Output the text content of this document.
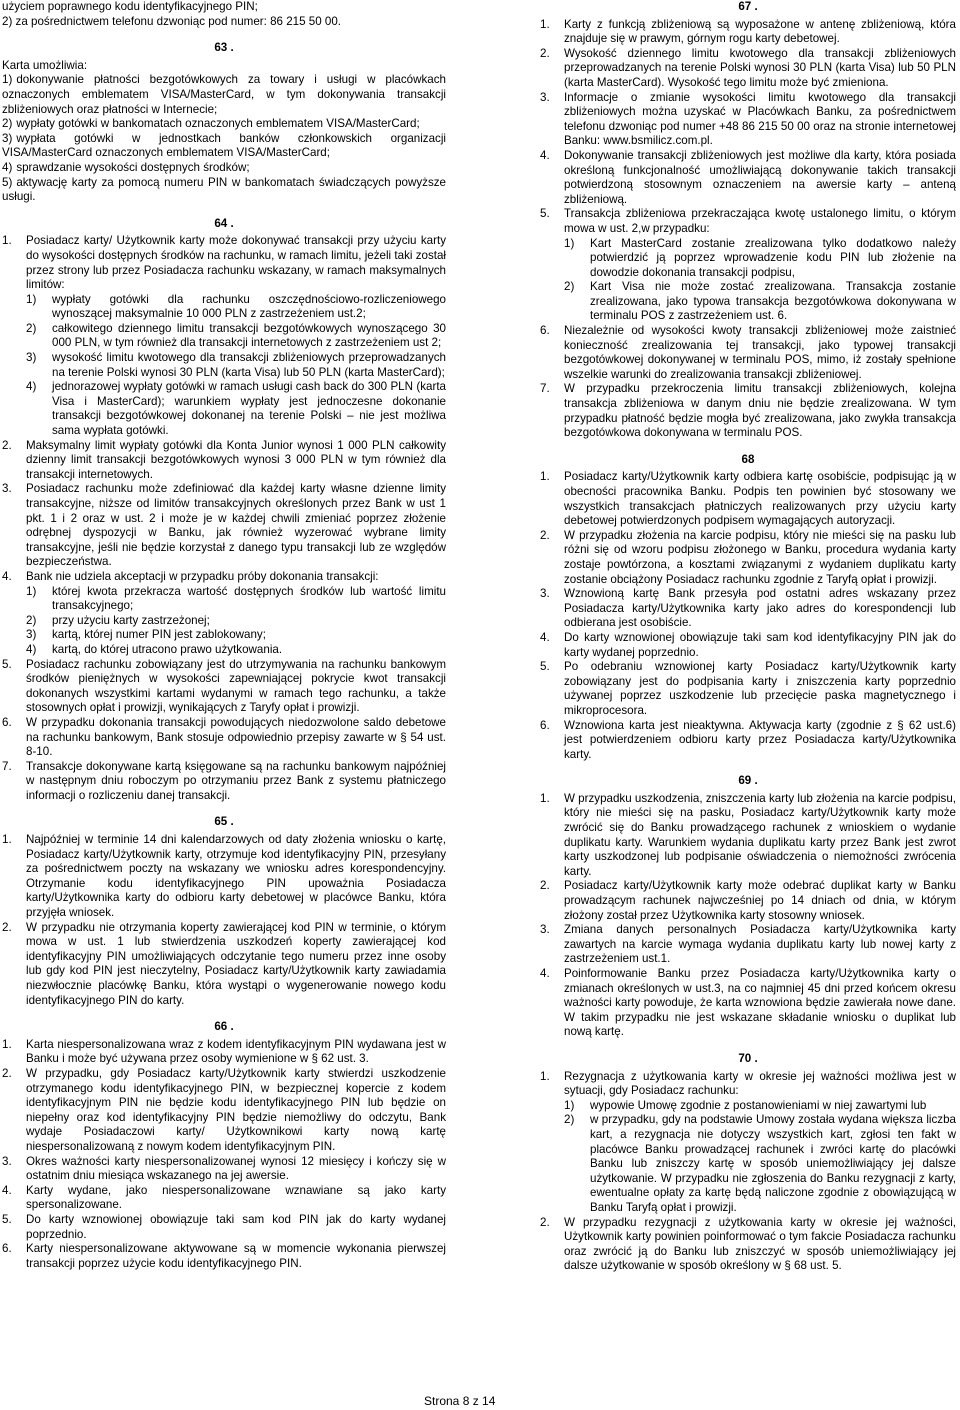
użyciem poprawnego kodu identyfikacyjnego PIN;

2) za pośrednictwem telefonu dzwoniąc pod numer: 86 215 50 00.

63 .

Karta umożliwia:

1) dokonywanie płatności bezgotówkowych za towary i usługi w placówkach oznaczonych emblematem VISA/MasterCard, w tym dokonywania transakcji zbliżeniowych oraz płatności w Internecie;
2) wypłaty gotówki w bankomatach oznaczonych emblematem VISA/MasterCard;
3) wypłata gotówki w jednostkach banków członkowskich organizacji VISA/MasterCard oznaczonych emblematem VISA/MasterCard;
4) sprawdzanie wysokości dostępnych środków;
5) aktywację karty za pomocą numeru PIN w bankomatach świadczących powyższe usługi.

64 .

1. Posiadacz karty/ Użytkownik karty może dokonywać transakcji przy użyciu karty do wysokości dostępnych środków na rachunku, w ramach limitu, jeżeli taki został przez strony lub przez Posiadacza rachunku wskazany, w ramach maksymalnych limitów:
1) wypłaty gotówki dla rachunku oszczędnościowo-rozliczeniowego wynoszącej maksymalnie 10 000 PLN z zastrzeżeniem ust.2;
2) całkowitego dziennego limitu transakcji bezgotówkowych wynoszącego 30 000 PLN, w tym również dla transakcji internetowych z zastrzeżeniem ust 2;
3) wysokość limitu kwotowego dla transakcji zbliżeniowych przeprowadzanych na terenie Polski wynosi 30 PLN (karta Visa) lub 50 PLN (karta MasterCard);
4) jednorazowej wypłaty gotówki w ramach usługi cash back do 300 PLN (karta Visa i MasterCard); warunkiem wypłaty jest jednoczesne dokonanie transakcji bezgotówkowej dokonanej na terenie Polski – nie jest możliwa sama wypłata gotówki.
2. Maksymalny limit wypłaty gotówki dla Konta Junior wynosi 1 000 PLN całkowity dzienny limit transakcji bezgotówkowych wynosi 3 000 PLN w tym również dla transakcji internetowych.
3. Posiadacz rachunku może zdefiniować dla każdej karty własne dzienne limity transakcyjne, niższe od limitów transakcyjnych określonych przez Bank w ust 1 pkt. 1 i 2 oraz w ust. 2 i może je w każdej chwili zmieniać poprzez złożenie odrębnej dyspozycji w Banku, jak również wyzerować wybrane limity transakcyjne, jeśli nie będzie korzystał z danego typu transakcji lub ze względów bezpieczeństwa.
4. Bank nie udziela akceptacji w przypadku próby dokonania transakcji:
1) której kwota przekracza wartość dostępnych środków lub wartość limitu transakcyjnego;
2) przy użyciu karty zastrzeżonej;
3) kartą, której numer PIN jest zablokowany;
4) kartą, do której utracono prawo użytkowania.
5. Posiadacz rachunku zobowiązany jest do utrzymywania na rachunku bankowym środków pieniężnych w wysokości zapewniającej pokrycie kwot transakcji dokonanych wszystkimi kartami wydanymi w ramach tego rachunku, a także stosownych opłat i prowizji, wynikających z Taryfy opłat i prowizji.
6. W przypadku dokonania transakcji powodujących niedozwolone saldo debetowe na rachunku bankowym, Bank stosuje odpowiednio przepisy zawarte w § 54 ust. 8-10.
7. Transakcje dokonywane kartą księgowane są na rachunku bankowym najpóźniej w następnym dniu roboczym po otrzymaniu przez Bank z systemu płatniczego informacji o rozliczeniu danej transakcji.

65 .

1. Najpóźniej w terminie 14 dni kalendarzowych od daty złożenia wniosku o kartę, Posiadacz karty/Użytkownik karty, otrzymuje kod identyfikacyjny PIN, przesyłany za pośrednictwem poczty na wskazany we wniosku adres korespondencyjny. Otrzymanie kodu identyfikacyjnego PIN upoważnia Posiadacza karty/Użytkownika karty do odbioru karty debetowej w placówce Banku, która przyjęła wniosek.
2. W przypadku nie otrzymania koperty zawierającej kod PIN w terminie, o którym mowa w ust. 1 lub stwierdzenia uszkodzeń koperty zawierającej kod identyfikacyjny PIN umożliwiających odczytanie tego numeru przez inne osoby lub gdy kod PIN jest nieczytelny, Posiadacz karty/Użytkownik karty zawiadamia niezwłocznie placówkę Banku, która wystąpi o wygenerowanie nowego kodu identyfikacyjnego PIN do karty.

66 .

1. Karta niespersonalizowana wraz z kodem identyfikacyjnym PIN wydawana jest w Banku i może być używana przez osoby wymienione w § 62 ust. 3.
2. W przypadku, gdy Posiadacz karty/Użytkownik karty stwierdzi uszkodzenie otrzymanego kodu identyfikacyjnego PIN, w bezpiecznej kopercie z kodem identyfikacyjnym PIN nie będzie kodu identyfikacyjnego PIN lub będzie on niepełny oraz kod identyfikacyjny PIN będzie niemożliwy do odczytu, Bank wydaje Posiadaczowi karty/ Użytkownikowi karty nową kartę niespersonalizowaną z nowym kodem identyfikacyjnym PIN.
3. Okres ważności karty niespersonalizowanej wynosi 12 miesięcy i kończy się w ostatnim dniu miesiąca wskazanego na jej awersie.
4. Karty wydane, jako niespersonalizowane wznawiane są jako karty spersonalizowane.
5. Do karty wznowionej obowiązuje taki sam kod PIN jak do karty wydanej poprzednio.
6. Karty niespersonalizowane aktywowane są w momencie wykonania pierwszej transakcji poprzez użycie kodu identyfikacyjnego PIN.

67 .

1. Karty z funkcją zbliżeniową są wyposażone w antenę zbliżeniową, która znajduje się w prawym, górnym rogu karty debetowej.
2. Wysokość dziennego limitu kwotowego dla transakcji zbliżeniowych przeprowadzanych na terenie Polski wynosi 30 PLN (karta Visa) lub 50 PLN (karta MasterCard). Wysokość tego limitu może być zmieniona.
3. Informacje o zmianie wysokości limitu kwotowego dla transakcji zbliżeniowych można uzyskać w Placówkach Banku, za pośrednictwem telefonu dzwoniąc pod numer +48 86 215 50 00 oraz na stronie internetowej Banku: www.bsmilicz.com.pl.
4. Dokonywanie transakcji zbliżeniowych jest możliwe dla karty, która posiada określoną funkcjonalność umożliwiającą dokonywanie takich transakcji potwierdzoną stosownym oznaczeniem na awersie karty – anteną zbliżeniową.
5. Transakcja zbliżeniowa przekraczająca kwotę ustalonego limitu, o którym mowa w ust. 2,w przypadku:
1) Kart MasterCard zostanie zrealizowana tylko dodatkowo należy potwierdzić ją poprzez wprowadzenie kodu PIN lub złożenie na dowodzie dokonania transakcji podpisu,
2) Kart Visa nie może zostać zrealizowana. Transakcja zostanie zrealizowana, jako typowa transakcja bezgotówkowa dokonywana w terminalu POS z zastrzeżeniem ust. 6.
6. Niezależnie od wysokości kwoty transakcji zbliżeniowej może zaistnieć konieczność zrealizowania tej transakcji, jako typowej transakcji bezgotówkowej dokonywanej w terminalu POS, mimo, iż zostały spełnione wszelkie warunki do zrealizowania transakcji zbliżeniowej.
7. W przypadku przekroczenia limitu transakcji zbliżeniowych, kolejna transakcja zbliżeniowa w danym dniu nie będzie zrealizowana. W tym przypadku płatność będzie mogła być zrealizowana, jako zwykła transakcja bezgotówkowa dokonywana w terminalu POS.

68

1. Posiadacz karty/Użytkownik karty odbiera kartę osobiście, podpisując ją w obecności pracownika Banku. Podpis ten powinien być stosowany we wszystkich transakcjach płatniczych realizowanych przy użyciu karty debetowej potwierdzonych podpisem wymagających autoryzacji.
2. W przypadku złożenia na karcie podpisu, który nie mieści się na pasku lub różni się od wzoru podpisu złożonego w Banku, procedura wydania karty zostaje powtórzona, a kosztami związanymi z wydaniem duplikatu karty zostanie obciążony Posiadacz rachunku zgodnie z Taryfą opłat i prowizji.
3. Wznowioną kartę Bank przesyła pod ostatni adres wskazany przez Posiadacza karty/Użytkownika karty jako adres do korespondencji lub odbierana jest osobiście.
4. Do karty wznowionej obowiązuje taki sam kod identyfikacyjny PIN jak do karty wydanej poprzednio.
5. Po odebraniu wznowionej karty Posiadacz karty/Użytkownik karty zobowiązany jest do podpisania karty i zniszczenia karty poprzednio używanej poprzez uszkodzenie lub przecięcie paska magnetycznego i mikroprocesora.
6. Wznowiona karta jest nieaktywna. Aktywacja karty (zgodnie z § 62 ust.6) jest potwierdzeniem odbioru karty przez Posiadacza karty/Użytkownika karty.

69 .

1. W przypadku uszkodzenia, zniszczenia karty lub złożenia na karcie podpisu, który nie mieści się na pasku, Posiadacz karty/Użytkownik karty może zwrócić się do Banku prowadzącego rachunek z wnioskiem o wydanie duplikatu karty. Warunkiem wydania duplikatu karty przez Bank jest zwrot karty uszkodzonej lub podpisanie oświadczenia o niemożności zwrócenia karty.
2. Posiadacz karty/Użytkownik karty może odebrać duplikat karty w Banku prowadzącym rachunek najwcześniej po 14 dniach od dnia, w którym złożony został przez Użytkownika karty stosowny wniosek.
3. Zmiana danych personalnych Posiadacza karty/Użytkownika karty zawartych na karcie wymaga wydania duplikatu karty lub nowej karty z zastrzeżeniem ust.1.
4. Poinformowanie Banku przez Posiadacza karty/Użytkownika karty o zmianach określonych w ust.3, na co najmniej 45 dni przed końcem okresu ważności karty powoduje, że karta wznowiona będzie zawierała nowe dane. W takim przypadku nie jest wskazane składanie wniosku o duplikat lub nową kartę.

70 .

1. Rezygnacja z użytkowania karty w okresie jej ważności możliwa jest w sytuacji, gdy Posiadacz rachunku:
1) wypowie Umowę zgodnie z postanowieniami w niej zawartymi lub
2) w przypadku, gdy na podstawie Umowy została wydana większa liczba kart, a rezygnacja nie dotyczy wszystkich kart, zgłosi ten fakt w placówce Banku prowadzącej rachunek i zwróci kartę do placówki Banku lub zniszczy kartę w sposób uniemożliwiający jej dalsze użytkowanie. W przypadku nie zgłoszenia do Banku rezygnacji z karty, ewentualne opłaty za kartę będą naliczone zgodnie z obowiązującą w Banku Taryfą opłat i prowizji.
2. W przypadku rezygnacji z użytkowania karty w okresie jej ważności, Użytkownik karty powinien poinformować o tym fakcie Posiadacza rachunku oraz zwrócić ją do Banku lub zniszczyć w sposób uniemożliwiający jej dalsze użytkowanie w sposób określony w § 68 ust. 5.
Strona 8 z 14
